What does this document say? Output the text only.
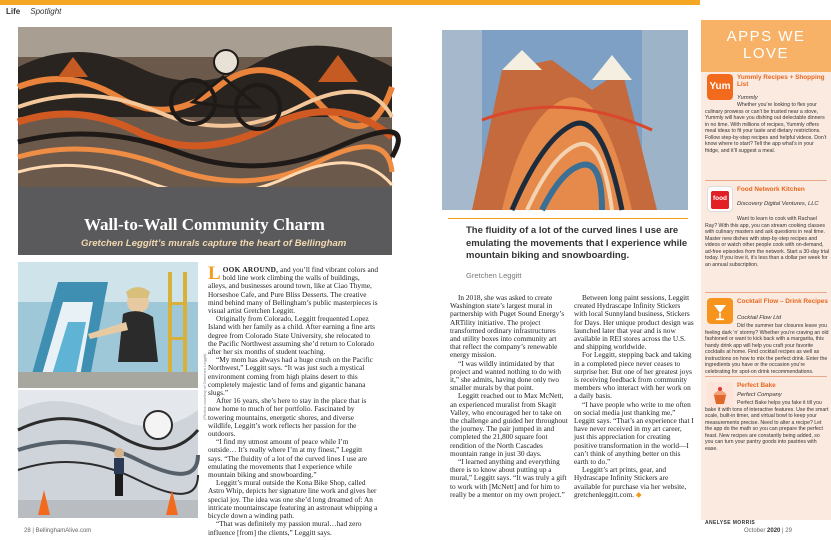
Life Spotlight
Wall-to-Wall Community Charm
Gretchen Leggitt’s murals capture the heart of Bellingham
BY ESTHER CHONG
(Photos courtesy of Gretchen Leggitt)

LOOK AROUND, and you’ll find vibrant colors and bold line work climbing the walls of buildings, alleys, and businesses around town, like at Ciao Thyme, Horseshoe Cafe, and Pure Bliss Desserts. The creative mind behind many of Bellingham’s public masterpieces is visual artist Gretchen Leggitt.

Originally from Colorado, Leggitt frequented Lopez Island with her family as a child. After earning a fine arts degree from Colorado State University, she relocated to the Pacific Northwest assuming she’d return to Colorado after her six months of student teaching.

“My mom has always had a huge crush on the Pacific Northwest,” Leggitt says. “It was just such a mystical environment coming from high plains desert to this completely majestic land of ferns and gigantic banana slugs.”

After 16 years, she’s here to stay in the place that is now home to much of her portfolio. Fascinated by towering mountains, energetic shores, and diverse wildlife, Leggitt’s work reflects her passion for the outdoors.

“I find my utmost amount of peace while I’m outside… It’s really where I’m at my finest,” Leggitt says. “The fluidity of a lot of the curved lines I use are emulating the movements that I experience while mountain biking and snowboarding.”

Leggitt’s mural outside the Kona Bike Shop, called Astro Whip, depicts her signature line work and gives her special joy. The idea was one she’d long dreamed of: An intricate mountainscape featuring an astronaut whipping a bicycle down a winding path.

“That was definitely my passion mural…had zero influence [from] the clients,” Leggitt says.

The fluidity of a lot of the curved lines I use are emulating the movements that I experience while mountain biking and snowboarding.
Gretchen Leggitt

In 2018, she was asked to create Washington state’s largest mural in partnership with Puget Sound Energy’s ARTility initiative. The project transformed ordinary infrastructures and utility boxes into community art that reflect the company’s renewable energy mission.

“I was wildly intimidated by that project and wanted nothing to do with it,” she admits, having done only two smaller murals by that point.

Leggitt reached out to Max McNett, an experienced muralist from Skagit Valley, who encouraged her to take on the challenge and guided her throughout the journey. The pair jumped in and completed the 21,800 square foot rendition of the North Cascades mountain range in just 30 days.

“I learned anything and everything there is to know about putting up a mural,” Leggitt says. “It was truly a gift to work with [McNett] and for him to really be a mentor on my own project.”

Between long paint sessions, Leggitt created Hydrascape Infinity Stickers with local Sunnyland business, Stickers for Days. Her unique product design was launched later that year and is now available in REI stores across the U.S. and shipping worldwide.

For Leggitt, stepping back and taking in a completed piece never ceases to surprise her. But one of her greatest joys is receiving feedback from community members who interact with her work on a daily basis.

“I have people who write to me often on social media just thanking me,” Leggitt says. “That’s an experience that I have never received in my art career, just this appreciation for creating positive transformation in the world—I can’t think of anything better on this earth to do.”

Leggitt’s art prints, gear, and Hydrascape Infinity Stickers are available for purchase via her website, gretchenleggitt.com. ◆

APPS WE
LOVE
Yum
Yummly Recipes + Shopping List
Yummly
Whether you’re looking to flex your culinary prowess or can’t be trusted near a stove, Yummly will have you dishing out delectable dinners in no time. With millions of recipes, Yummly offers meal ideas to fit your taste and dietary restrictions. Follow step-by-step recipes and helpful videos. Don’t know where to start? Tell the app what’s in your fridge, and it’ll suggest a meal.
food
Food Network Kitchen
Discovery Digital Ventures, LLC
Want to learn to cook with Rachael Ray? With this app, you can stream cooking classes with culinary masters and ask questions in real time. Master new dishes with step-by-step recipes and videos or watch other people cook with on-demand, ad-free episodes from the network. Start a 30-day trial today. If you love it, it’s less than a dollar per week for an annual subscription.
Cocktail Flow – Drink Recipes
Cocktail Flow Ltd
Did the summer bar closures leave you feeling dark ’n’ stormy? Whether you’re craving an old fashioned or want to kick back with a margarita, this handy drink app will help you craft your favorite cocktails at home. Find cocktail recipes as well as instructions on how to mix the perfect drink. Enter the ingredients you have or the occasion you’re celebrating for spot-on drink recommendations.
Perfect Bake
Perfect Company
Perfect Bake helps you fake it till you bake it with tons of interactive features. Use the smart scale, built-in timer, and virtual bowl to keep your measurements precise. Need to alter a recipe? Let the app do the math so you can prepare the perfect feast. New recipes are constantly being added, so you can turn your pantry goods into pastries with ease.
28 | BellinghamAlive.com
ANELYSE MORRIS
October 2020 | 29
